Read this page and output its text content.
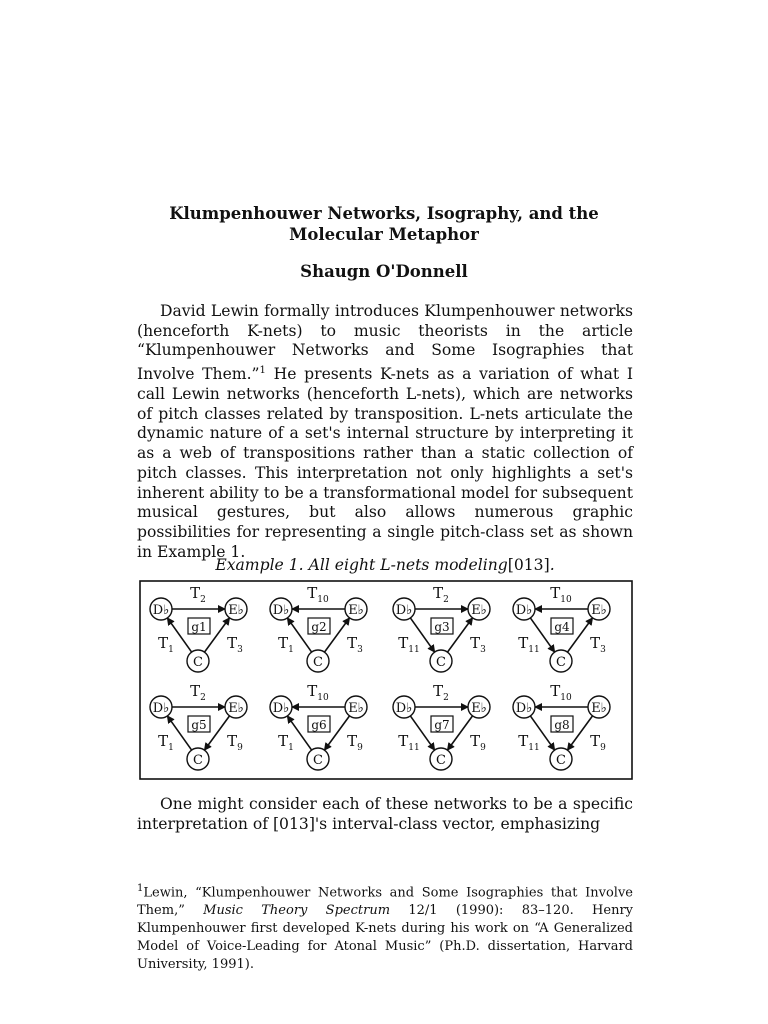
Klumpenhouwer Networks, Isography, and the
Molecular Metaphor

Shaugn O'Donnell

David Lewin formally introduces Klumpenhouwer networks (henceforth K-nets) to music theorists in the article “Klumpenhouwer Networks and Some Isographies that Involve Them.”$^1$ He presents K-nets as a variation of what I call Lewin networks (henceforth L-nets), which are networks of pitch classes related by transposition. L-nets articulate the dynamic nature of a set's internal structure by interpreting it as a web of transpositions rather than a static collection of pitch classes. This interpretation not only highlights a set's inherent ability to be a transformational model for subsequent musical gestures, but also allows numerous graphic possibilities for representing a single pitch-class set as shown in Example 1.

Example 1. All eight L-nets modeling[013].

$T_2$
D♭	E♭
C
g1
$T_1$	$T_3$
$T_{10}$
D♭	E♭
C
g2
$T_1$	$T_3$
$T_2$
D♭	E♭
C
g3
$T_{11}$	$T_3$
$T_{10}$
D♭	E♭
C
g4
$T_{11}$	$T_3$
$T_2$
D♭	E♭
C
g5
$T_1$	$T_9$
$T_{10}$
D♭	E♭
C
g6
$T_1$	$T_9$
$T_2$
D♭	E♭
C
g7
$T_{11}$	$T_9$
$T_{10}$
D♭	E♭
C
g8
$T_{11}$	$T_9$

One might consider each of these networks to be a specific interpretation of [013]'s interval-class vector, emphasizing

$^1$Lewin, “Klumpenhouwer Networks and Some Isographies that Involve Them,” Music Theory Spectrum 12/1 (1990): 83–120. Henry Klumpenhouwer first developed K-nets during his work on “A Generalized Model of Voice-Leading for Atonal Music” (Ph.D. dissertation, Harvard University, 1991).
